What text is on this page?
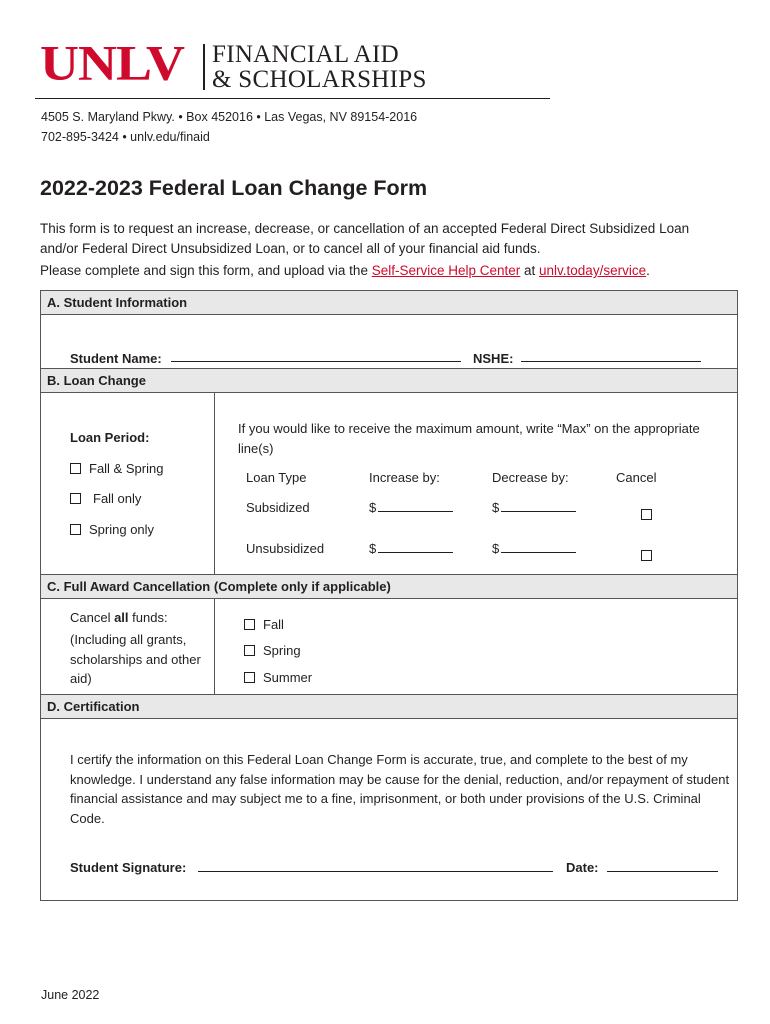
UNLV FINANCIAL AID
& SCHOLARSHIPS
4505 S. Maryland Pkwy. • Box 452016 • Las Vegas, NV 89154-2016
702-895-3424 • unlv.edu/finaid
2022-2023 Federal Loan Change Form
This form is to request an increase, decrease, or cancellation of an accepted Federal Direct Subsidized Loan and/or Federal Direct Unsubsidized Loan, or to cancel all of your financial aid funds.
Please complete and sign this form, and upload via the Self-Service Help Center at unlv.today/service.
A. Student Information
Student Name:	NSHE:
B. Loan Change
Loan Period:
Fall & Spring
Fall only
Spring only
If you would like to receive the maximum amount, write “Max” on the appropriate line(s)
Loan Type	Increase by:	Decrease by:	Cancel
Subsidized	$	$
Unsubsidized	$	$
C. Full Award Cancellation (Complete only if applicable)
Cancel all funds:
(Including all grants, scholarships and other aid)
Fall
Spring
Summer
D. Certification
I certify the information on this Federal Loan Change Form is accurate, true, and complete to the best of my knowledge. I understand any false information may be cause for the denial, reduction, and/or repayment of student financial assistance and may subject me to a fine, imprisonment, or both under provisions of the U.S. Criminal Code.
Student Signature:	Date:
June 2022
